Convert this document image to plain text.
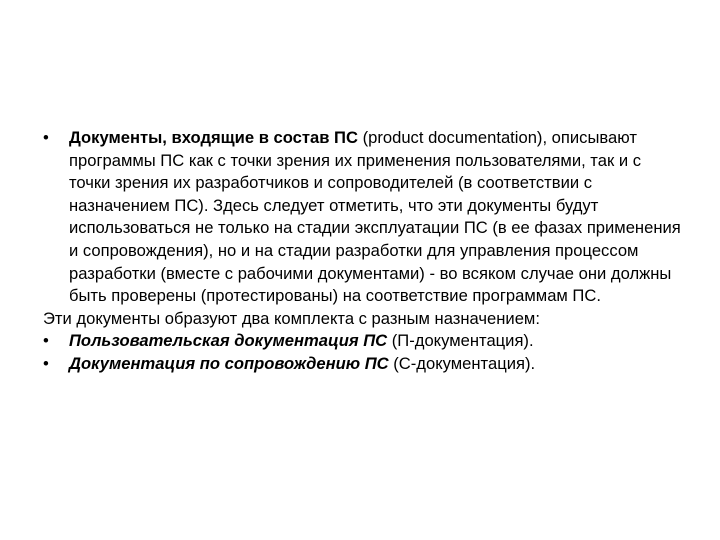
•	Документы, входящие в состав ПС (product documentation), описывают программы ПС как с точки зрения их применения пользователями, так и с точки зрения их разработчиков и сопроводителей (в соответствии с назначением ПС). Здесь следует отметить, что эти документы будут использоваться не только на стадии эксплуатации ПС (в ее фазах применения и сопровождения), но и на стадии разработки для управления процессом разработки (вместе с рабочими документами) - во всяком случае они должны быть проверены (протестированы) на соответствие программам ПС.
Эти документы образуют два комплекта с разным назначением:
•	Пользовательская документация ПС (П-документация).
•	Документация по сопровождению ПС (С-документация).
